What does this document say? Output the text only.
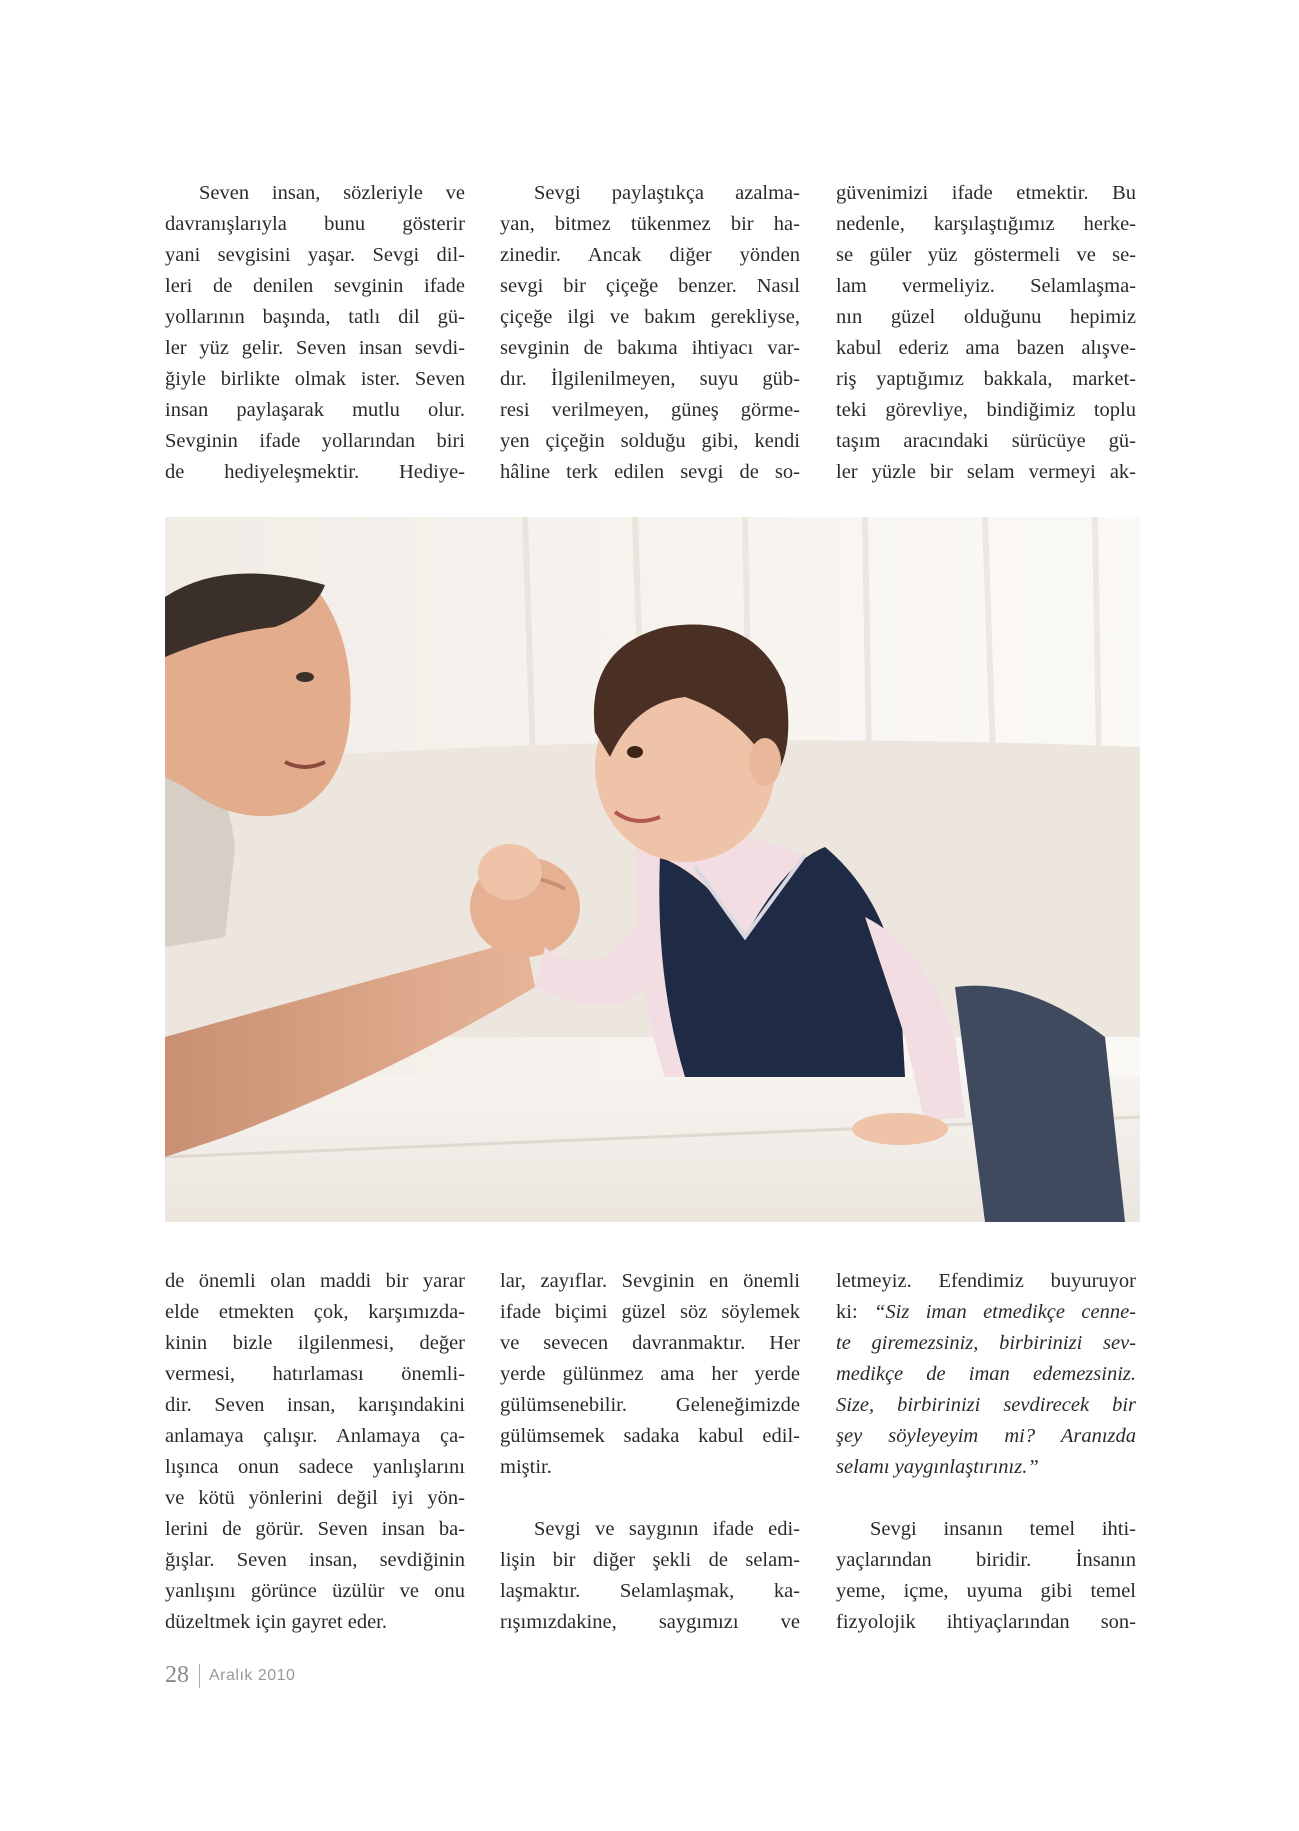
Seven insan, sözleriyle ve

davranışlarıyla bunu gösterir

yani sevgisini yaşar. Sevgi dil-

leri de denilen sevginin ifade

yollarının başında, tatlı dil gü-

ler yüz gelir. Seven insan sevdi-

ğiyle birlikte olmak ister. Seven

insan paylaşarak mutlu olur.

Sevginin ifade yollarından biri

de hediyeleşmektir. Hediye-

Sevgi paylaştıkça azalma-

yan, bitmez tükenmez bir ha-

zinedir. Ancak diğer yönden

sevgi bir çiçeğe benzer. Nasıl

çiçeğe ilgi ve bakım gerekliyse,

sevginin de bakıma ihtiyacı var-

dır. İlgilenilmeyen, suyu güb-

resi verilmeyen, güneş görme-

yen çiçeğin solduğu gibi, kendi

hâline terk edilen sevgi de so-

güvenimizi ifade etmektir. Bu

nedenle, karşılaştığımız herke-

se güler yüz göstermeli ve se-

lam vermeliyiz. Selamlaşma-

nın güzel olduğunu hepimiz

kabul ederiz ama bazen alışve-

riş yaptığımız bakkala, market-

teki görevliye, bindiğimiz toplu

taşım aracındaki sürücüye gü-

ler yüzle bir selam vermeyi ak-

de önemli olan maddi bir yarar

elde etmekten çok, karşımızda-

kinin bizle ilgilenmesi, değer

vermesi, hatırlaması önemli-

dir. Seven insan, karışındakini

anlamaya çalışır. Anlamaya ça-

lışınca onun sadece yanlışlarını

ve kötü yönlerini değil iyi yön-

lerini de görür. Seven insan ba-

ğışlar. Seven insan, sevdiğinin

yanlışını görünce üzülür ve onu

düzeltmek için gayret eder.

lar, zayıflar. Sevginin en önemli

ifade biçimi güzel söz söylemek

ve sevecen davranmaktır. Her

yerde gülünmez ama her yerde

gülümsenebilir. Geleneğimizde

gülümsemek sadaka kabul edil-

miştir.

Sevgi ve saygının ifade edi-

lişin bir diğer şekli de selam-

laşmaktır. Selamlaşmak, ka-

rışımızdakine, saygımızı ve

letmeyiz. Efendimiz buyuruyor

ki: “Siz iman etmedikçe cenne-

te giremezsiniz, birbirinizi sev-

medikçe de iman edemezsiniz.

Size, birbirinizi sevdirecek bir

şey söyleyeyim mi? Aranızda

selamı yaygınlaştırınız.”

Sevgi insanın temel ihti-

yaçlarından biridir. İnsanın

yeme, içme, uyuma gibi temel

fizyolojik ihtiyaçlarından son-

28 Aralık 2010
